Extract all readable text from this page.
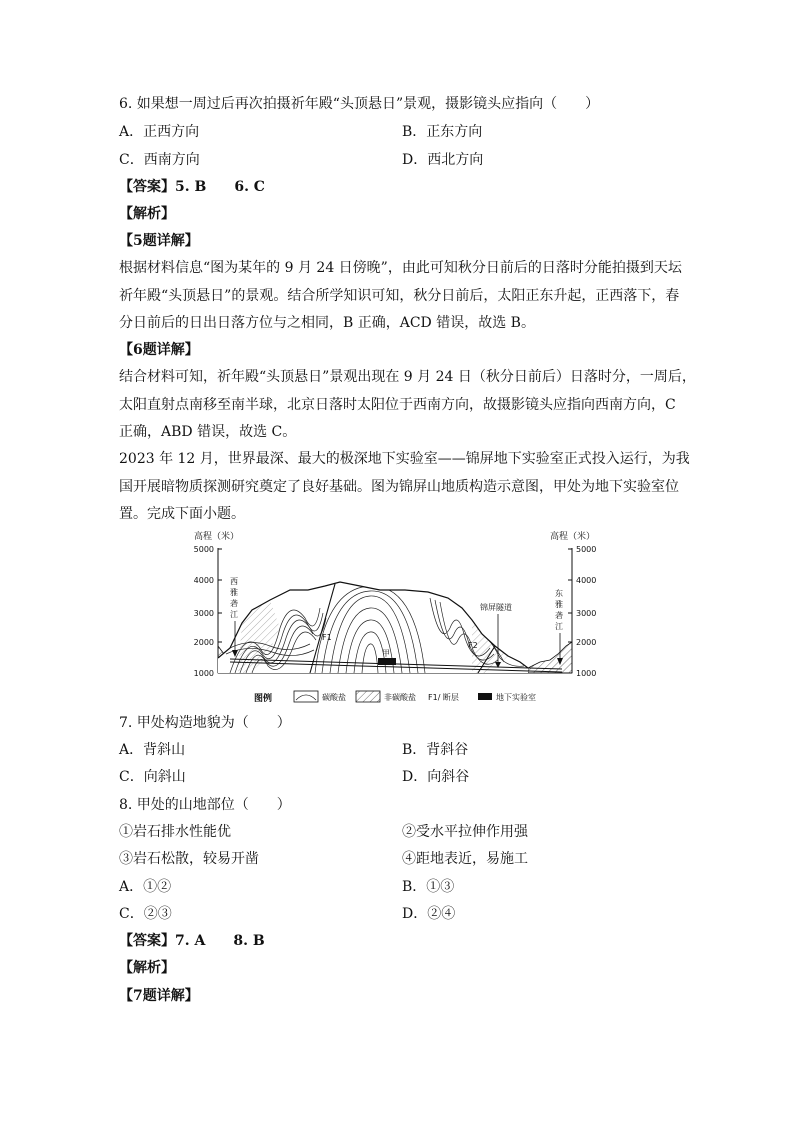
6. 如果想一周过后再次拍摄祈年殿“头顶悬日”景观，摄影镜头应指向（　　）
A．正西方向	B．正东方向
C．西南方向	D．西北方向
【答案】5. B　　6. C
【解析】
【5题详解】
根据材料信息“图为某年的 9 月 24 日傍晚”，由此可知秋分日前后的日落时分能拍摄到天坛
祈年殿“头顶悬日”的景观。结合所学知识可知，秋分日前后，太阳正东升起，正西落下，春
分日前后的日出日落方位与之相同，B 正确，ACD 错误，故选 B。
【6题详解】
结合材料可知，祈年殿“头顶悬日”景观出现在 9 月 24 日（秋分日前后）日落时分，一周后，
太阳直射点南移至南半球，北京日落时太阳位于西南方向，故摄影镜头应指向西南方向，C
正确，ABD 错误，故选 C。
2023 年 12 月，世界最深、最大的极深地下实验室——锦屏地下实验室正式投入运行，为我
国开展暗物质探测研究奠定了良好基础。图为锦屏山地质构造示意图，甲处为地下实验室位
置。完成下面小题。
高程（米）
5000
4000
3000
2000
1000
高程（米）
5000
4000
3000
2000
1000
F1
F2
锦屏隧道
甲
西
雅
砻
江
东
雅
砻
江
图例	碳酸盐	非碳酸盐 F1/ 断层	地下实验室
7. 甲处构造地貌为（　　）
A．背斜山	B．背斜谷
C．向斜山	D．向斜谷
8. 甲处的山地部位（　　）
①岩石排水性能优	②受水平拉伸作用强
③岩石松散，较易开凿	④距地表近，易施工
A．①②	B．①③
C．②③	D．②④
【答案】7. A　　8. B
【解析】
【7题详解】
